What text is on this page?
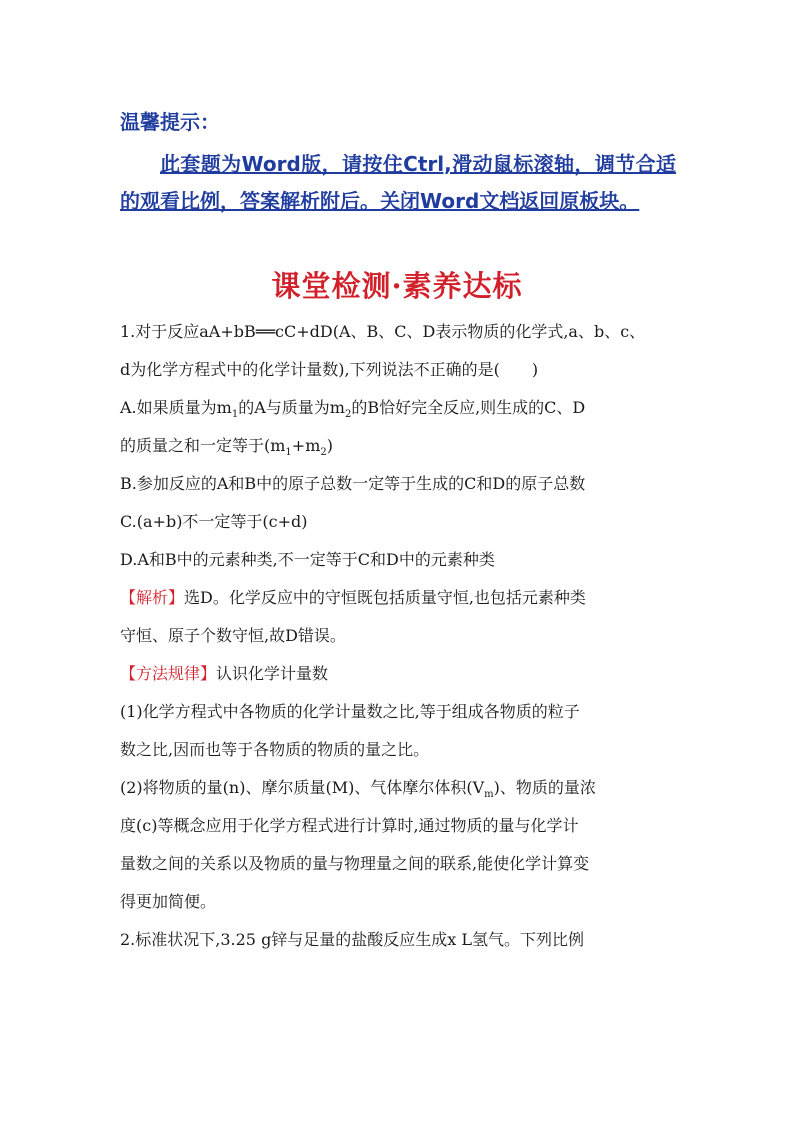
温馨提示：
此套题为Word版，请按住Ctrl,滑动鼠标滚轴，调节合适的观看比例，答案解析附后。关闭Word文档返回原板块。
课堂检测·素养达标
1.对于反应aA+bB══cC+dD(A、B、C、D表示物质的化学式,a、b、c、
d为化学方程式中的化学计量数),下列说法不正确的是(　　)
A.如果质量为$m_1$的A与质量为$m_2$的B恰好完全反应,则生成的C、D
的质量之和一定等于$(m_1+m_2)$
B.参加反应的A和B中的原子总数一定等于生成的C和D的原子总数
C.(a+b)不一定等于(c+d)
D.A和B中的元素种类,不一定等于C和D中的元素种类
【解析】选D。化学反应中的守恒既包括质量守恒,也包括元素种类
守恒、原子个数守恒,故D错误。
【方法规律】认识化学计量数
(1)化学方程式中各物质的化学计量数之比,等于组成各物质的粒子
数之比,因而也等于各物质的物质的量之比。
(2)将物质的量(n)、摩尔质量(M)、气体摩尔体积$(V_m)$、物质的量浓
度(c)等概念应用于化学方程式进行计算时,通过物质的量与化学计
量数之间的关系以及物质的量与物理量之间的联系,能使化学计算变
得更加简便。
2.标准状况下,3.25 g锌与足量的盐酸反应生成x L氢气。下列比例
